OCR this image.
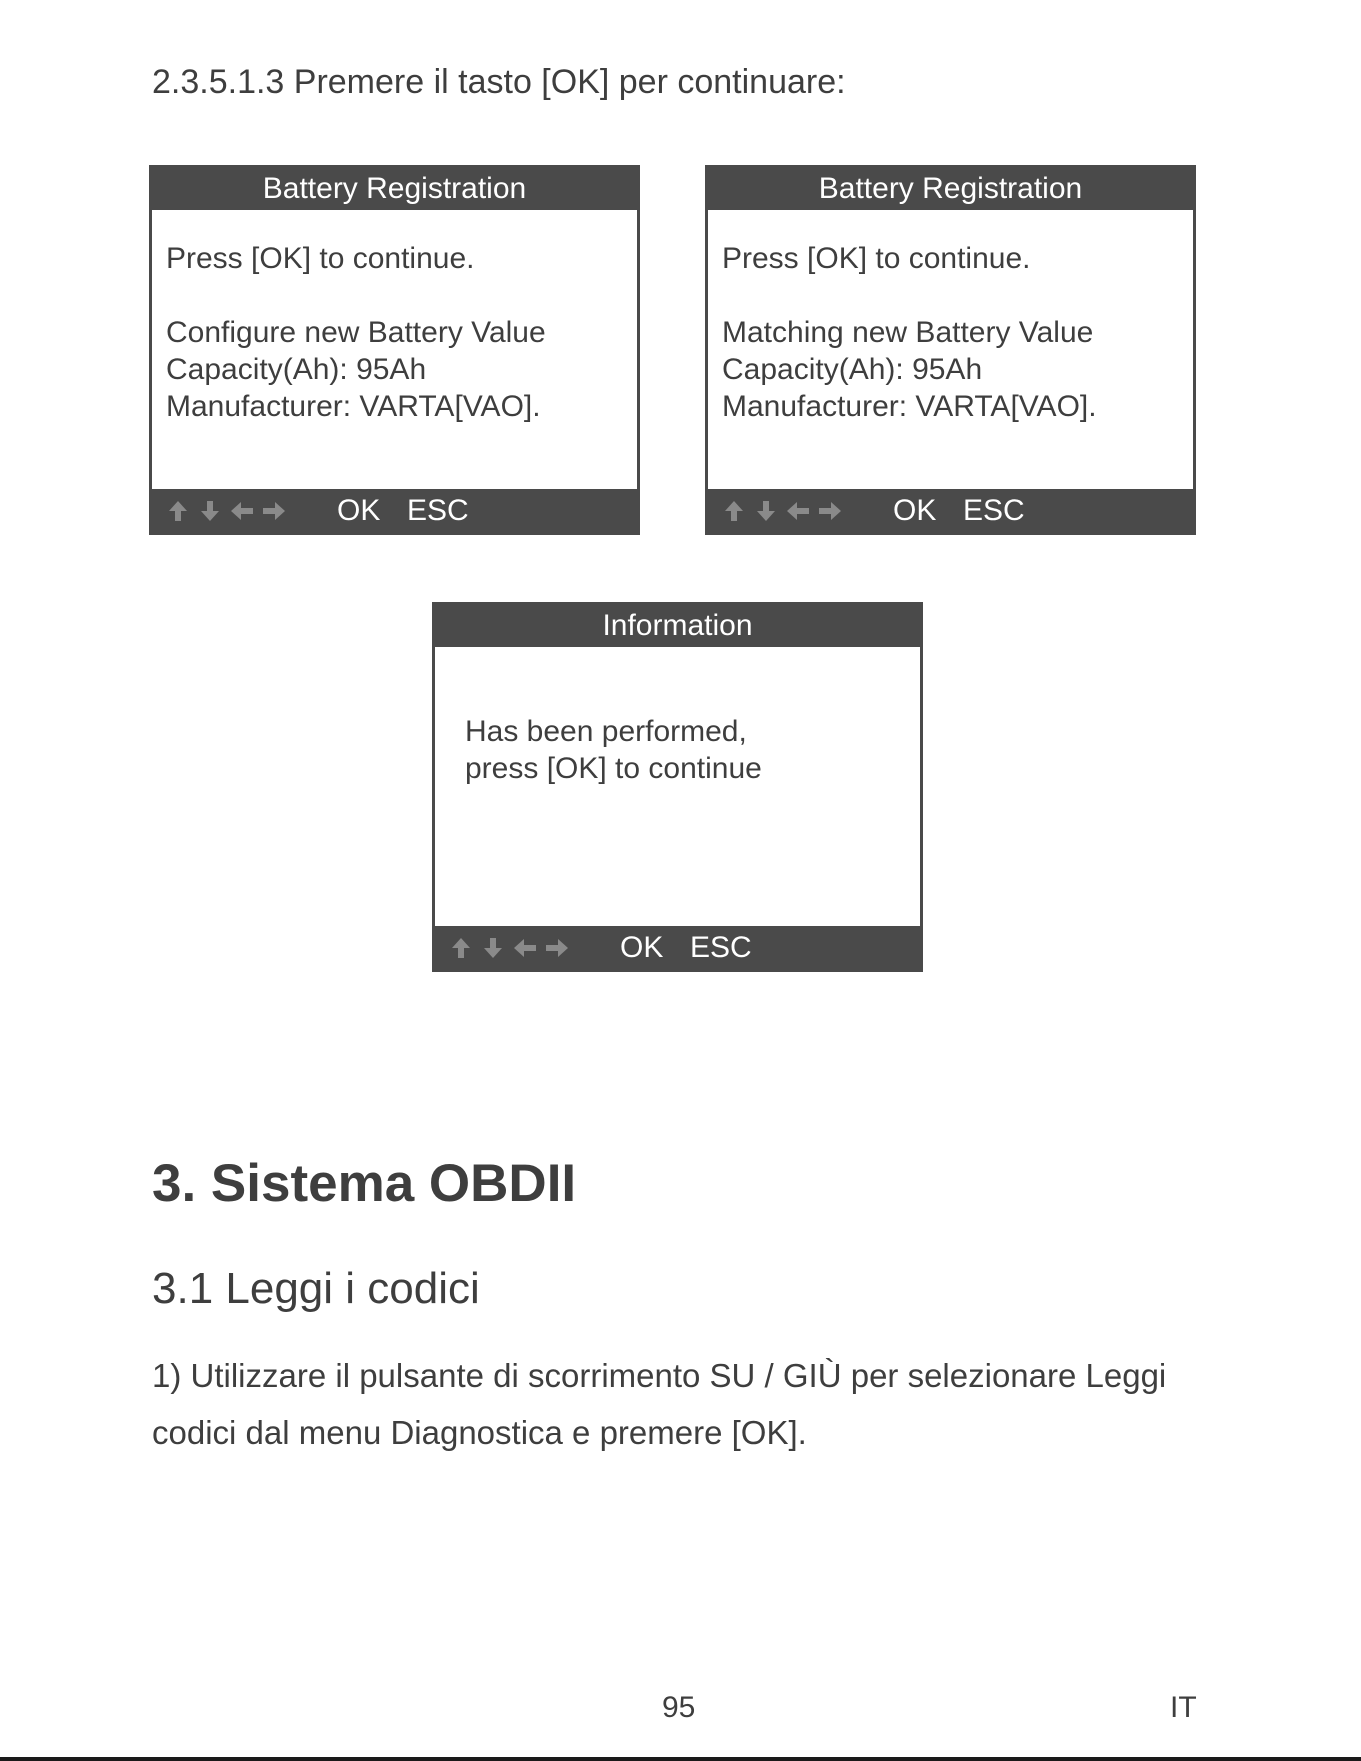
2.3.5.1.3 Premere il tasto [OK] per continuare:
Battery Registration
Press [OK] to continue.
Configure new Battery Value
Capacity(Ah): 95Ah
Manufacturer: VARTA[VAO].
OK ESC
Battery Registration
Press [OK] to continue.
Matching new Battery Value
Capacity(Ah): 95Ah
Manufacturer: VARTA[VAO].
OK ESC
Information
Has been performed,
press [OK] to continue
OK ESC
3. Sistema OBDII
3.1 Leggi i codici
1) Utilizzare il pulsante di scorrimento SU / GIÙ per selezionare Leggi codici dal menu Diagnostica e premere [OK].
95	IT
